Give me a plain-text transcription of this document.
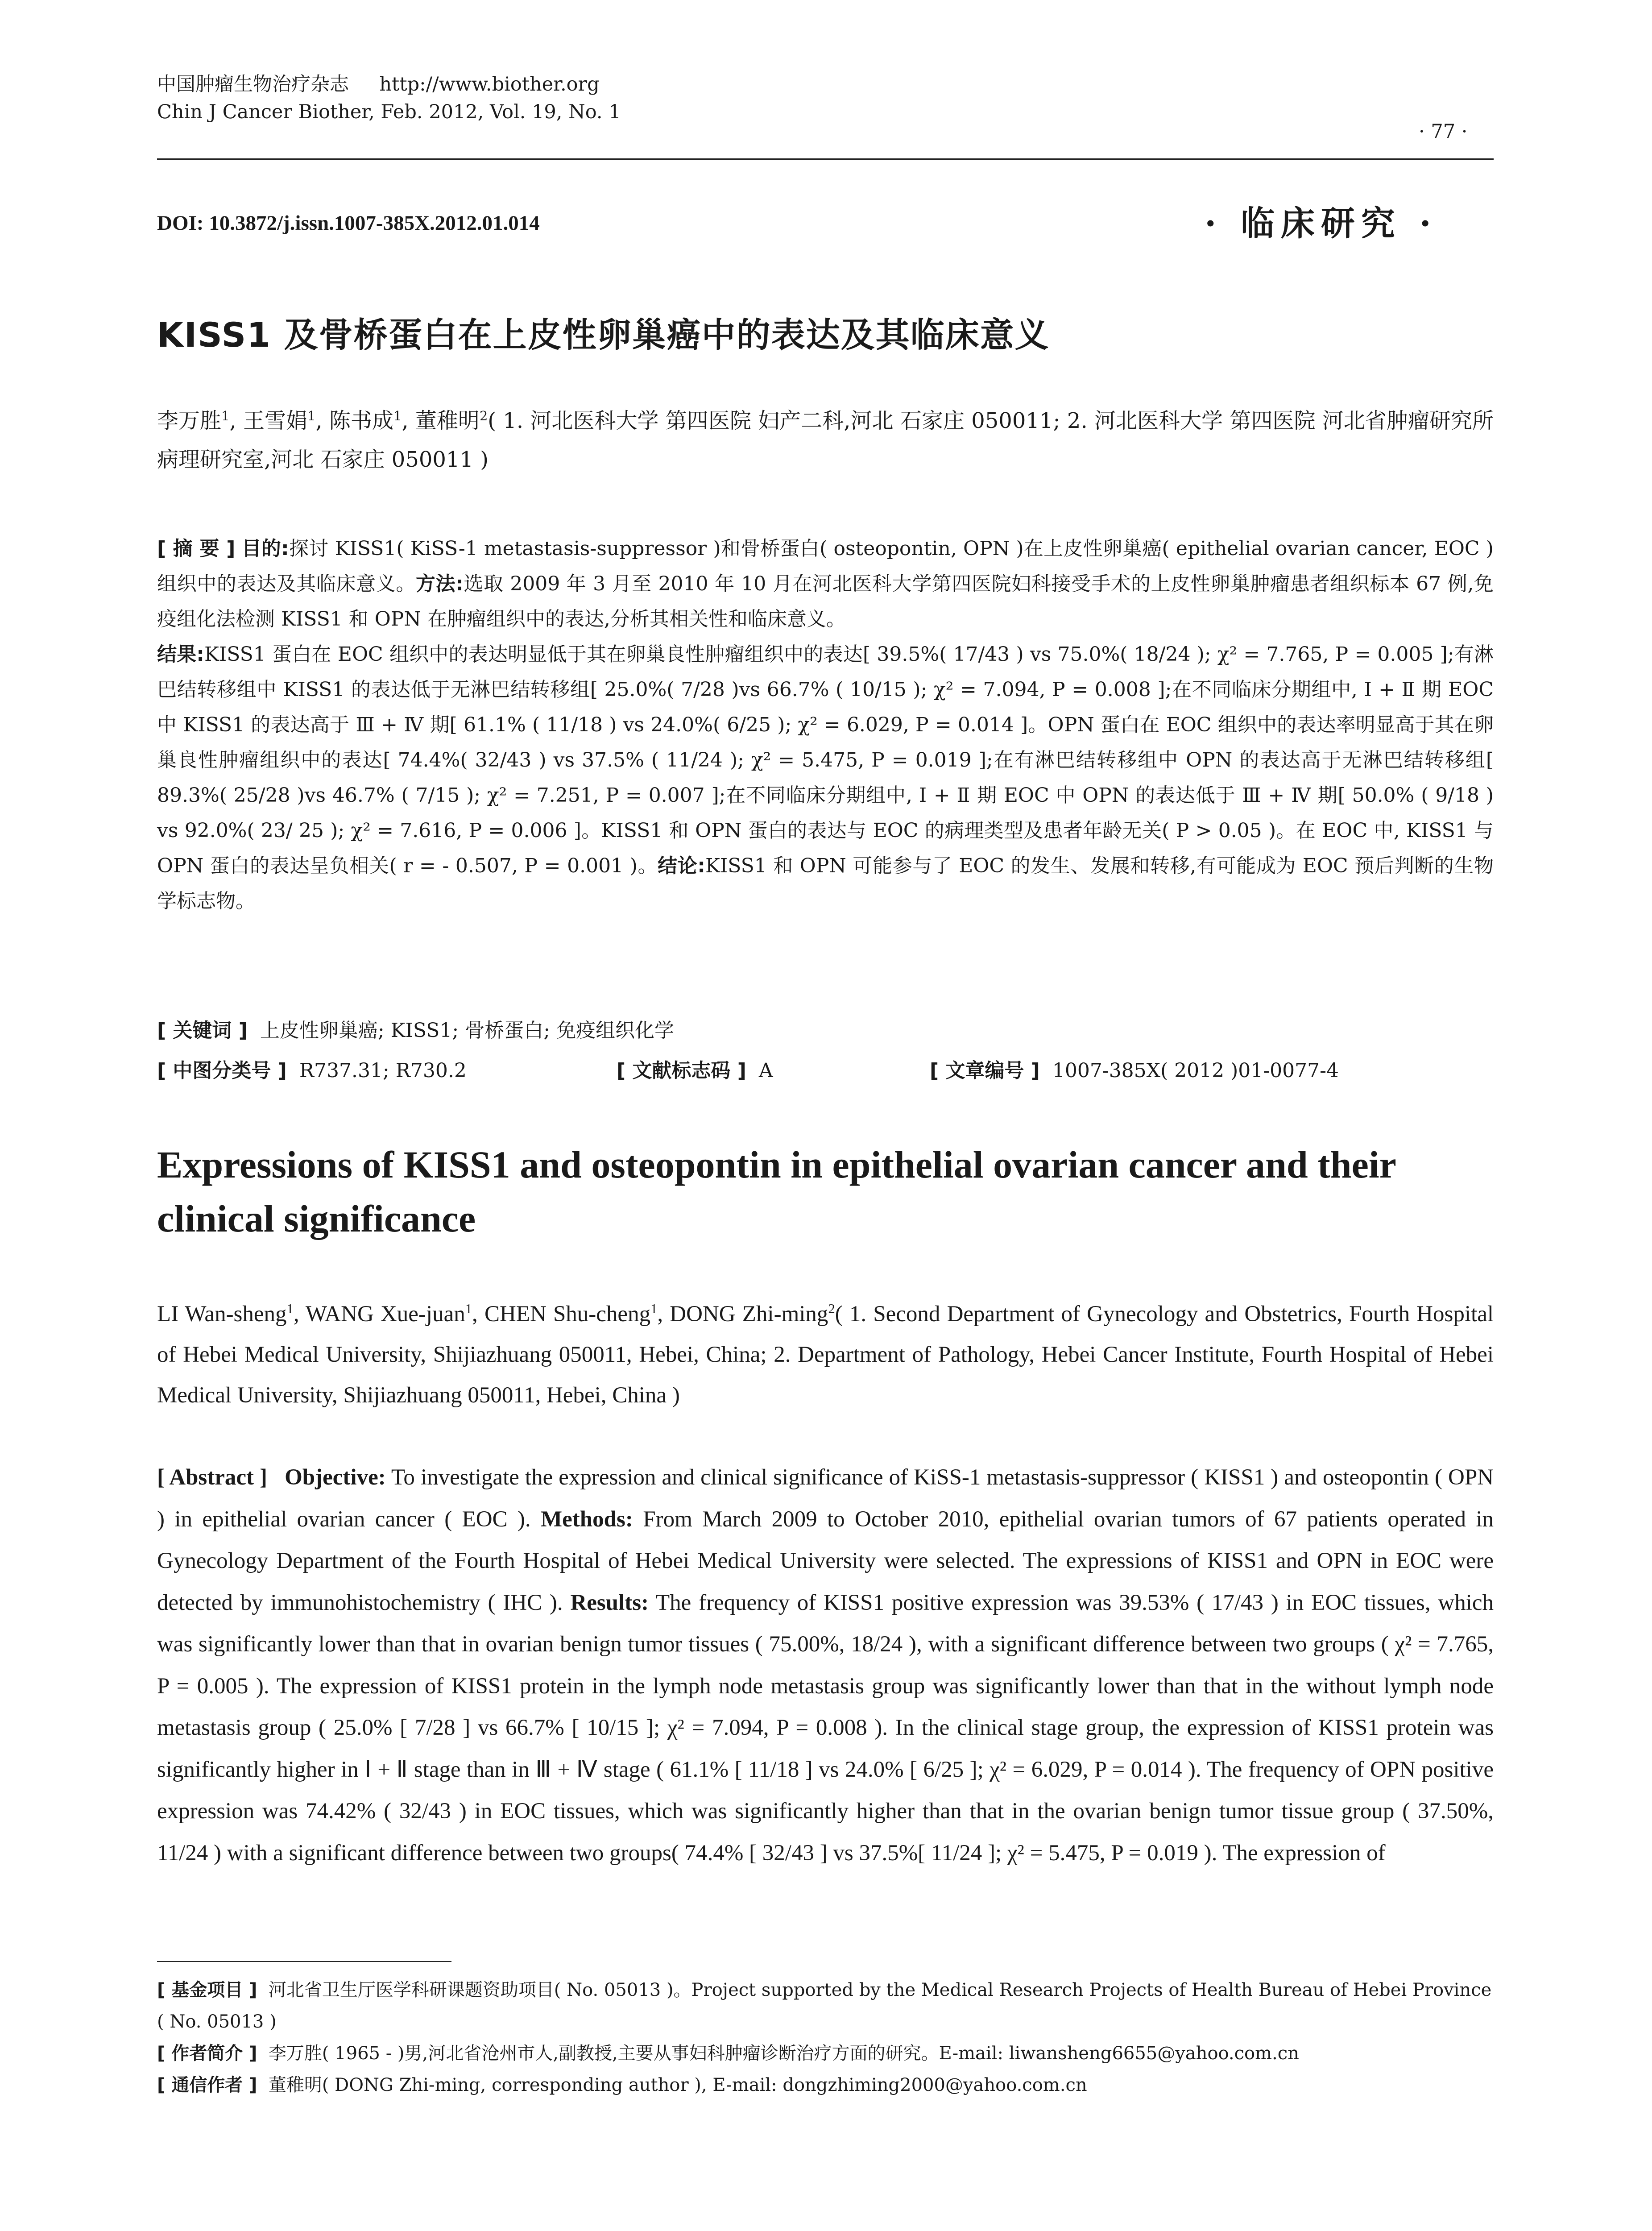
中国肿瘤生物治疗杂志 http://www.biother.org
Chin J Cancer Biother, Feb. 2012, Vol. 19, No. 1
· 77 ·
DOI: 10.3872/j.issn.1007-385X.2012.01.014	· 临床研究 ·
KISS1 及骨桥蛋白在上皮性卵巢癌中的表达及其临床意义
李万胜$^1$, 王雪娟$^1$, 陈书成$^1$, 董稚明$^2$( 1. 河北医科大学 第四医院 妇产二科,河北 石家庄 050011; 2. 河北医科大学 第四医院 河北省肿瘤研究所 病理研究室,河北 石家庄 050011 )

[ 摘 要 ] 目的:探讨 KISS1( KiSS-1 metastasis-suppressor )和骨桥蛋白( osteopontin, OPN )在上皮性卵巢癌( epithelial ovarian cancer, EOC )组织中的表达及其临床意义。方法:选取 2009 年 3 月至 2010 年 10 月在河北医科大学第四医院妇科接受手术的上皮性卵巢肿瘤患者组织标本 67 例,免疫组化法检测 KISS1 和 OPN 在肿瘤组织中的表达,分析其相关性和临床意义。

结果:KISS1 蛋白在 EOC 组织中的表达明显低于其在卵巢良性肿瘤组织中的表达[ 39.5%( 17/43 ) vs 75.0%( 18/24 ); χ² = 7.765, P = 0.005 ];有淋巴结转移组中 KISS1 的表达低于无淋巴结转移组[ 25.0%( 7/28 )vs 66.7% ( 10/15 ); χ² = 7.094, P = 0.008 ];在不同临床分期组中, Ⅰ + Ⅱ 期 EOC 中 KISS1 的表达高于 Ⅲ + Ⅳ 期[ 61.1% ( 11/18 ) vs 24.0%( 6/25 ); χ² = 6.029, P = 0.014 ]。OPN 蛋白在 EOC 组织中的表达率明显高于其在卵巢良性肿瘤组织中的表达[ 74.4%( 32/43 ) vs 37.5% ( 11/24 ); χ² = 5.475, P = 0.019 ];在有淋巴结转移组中 OPN 的表达高于无淋巴结转移组[ 89.3%( 25/28 )vs 46.7% ( 7/15 ); χ² = 7.251, P = 0.007 ];在不同临床分期组中, Ⅰ + Ⅱ 期 EOC 中 OPN 的表达低于 Ⅲ + Ⅳ 期[ 50.0% ( 9/18 ) vs 92.0%( 23/ 25 ); χ² = 7.616, P = 0.006 ]。KISS1 和 OPN 蛋白的表达与 EOC 的病理类型及患者年龄无关( P > 0.05 )。在 EOC 中, KISS1 与 OPN 蛋白的表达呈负相关( r = - 0.507, P = 0.001 )。结论:KISS1 和 OPN 可能参与了 EOC 的发生、发展和转移,有可能成为 EOC 预后判断的生物学标志物。

[ 关键词 ] 上皮性卵巢癌; KISS1; 骨桥蛋白; 免疫组织化学
[ 中图分类号 ] R737.31; R730.2	[ 文献标志码 ] A	[ 文章编号 ] 1007-385X( 2012 )01-0077-4
Expressions of KISS1 and osteopontin in epithelial ovarian cancer and their clinical significance
LI Wan-sheng$^1$, WANG Xue-juan$^1$, CHEN Shu-cheng$^1$, DONG Zhi-ming$^2$( 1. Second Department of Gynecology and Obstetrics, Fourth Hospital of Hebei Medical University, Shijiazhuang 050011, Hebei, China; 2. Department of Pathology, Hebei Cancer Institute, Fourth Hospital of Hebei Medical University, Shijiazhuang 050011, Hebei, China )
[ Abstract ] Objective: To investigate the expression and clinical significance of KiSS-1 metastasis-suppressor ( KISS1 ) and osteopontin ( OPN ) in epithelial ovarian cancer ( EOC ). Methods: From March 2009 to October 2010, epithelial ovarian tumors of 67 patients operated in Gynecology Department of the Fourth Hospital of Hebei Medical University were selected. The expressions of KISS1 and OPN in EOC were detected by immunohistochemistry ( IHC ). Results: The frequency of KISS1 positive expression was 39.53% ( 17/43 ) in EOC tissues, which was significantly lower than that in ovarian benign tumor tissues ( 75.00%, 18/24 ), with a significant difference between two groups ( χ² = 7.765, P = 0.005 ). The expression of KISS1 protein in the lymph node metastasis group was significantly lower than that in the without lymph node metastasis group ( 25.0% [ 7/28 ] vs 66.7% [ 10/15 ]; χ² = 7.094, P = 0.008 ). In the clinical stage group, the expression of KISS1 protein was significantly higher in Ⅰ + Ⅱ stage than in Ⅲ + Ⅳ stage ( 61.1% [ 11/18 ] vs 24.0% [ 6/25 ]; χ² = 6.029, P = 0.014 ). The frequency of OPN positive expression was 74.42% ( 32/43 ) in EOC tissues, which was significantly higher than that in the ovarian benign tumor tissue group ( 37.50%, 11/24 ) with a significant difference between two groups( 74.4% [ 32/43 ] vs 37.5%[ 11/24 ]; χ² = 5.475, P = 0.019 ). The expression of
[ 基金项目 ] 河北省卫生厅医学科研课题资助项目( No. 05013 )。Project supported by the Medical Research Projects of Health Bureau of Hebei Province ( No. 05013 )
[ 作者简介 ] 李万胜( 1965 - )男,河北省沧州市人,副教授,主要从事妇科肿瘤诊断治疗方面的研究。E-mail: liwansheng6655@yahoo.com.cn
[ 通信作者 ] 董稚明( DONG Zhi-ming, corresponding author ), E-mail: dongzhiming2000@yahoo.com.cn
